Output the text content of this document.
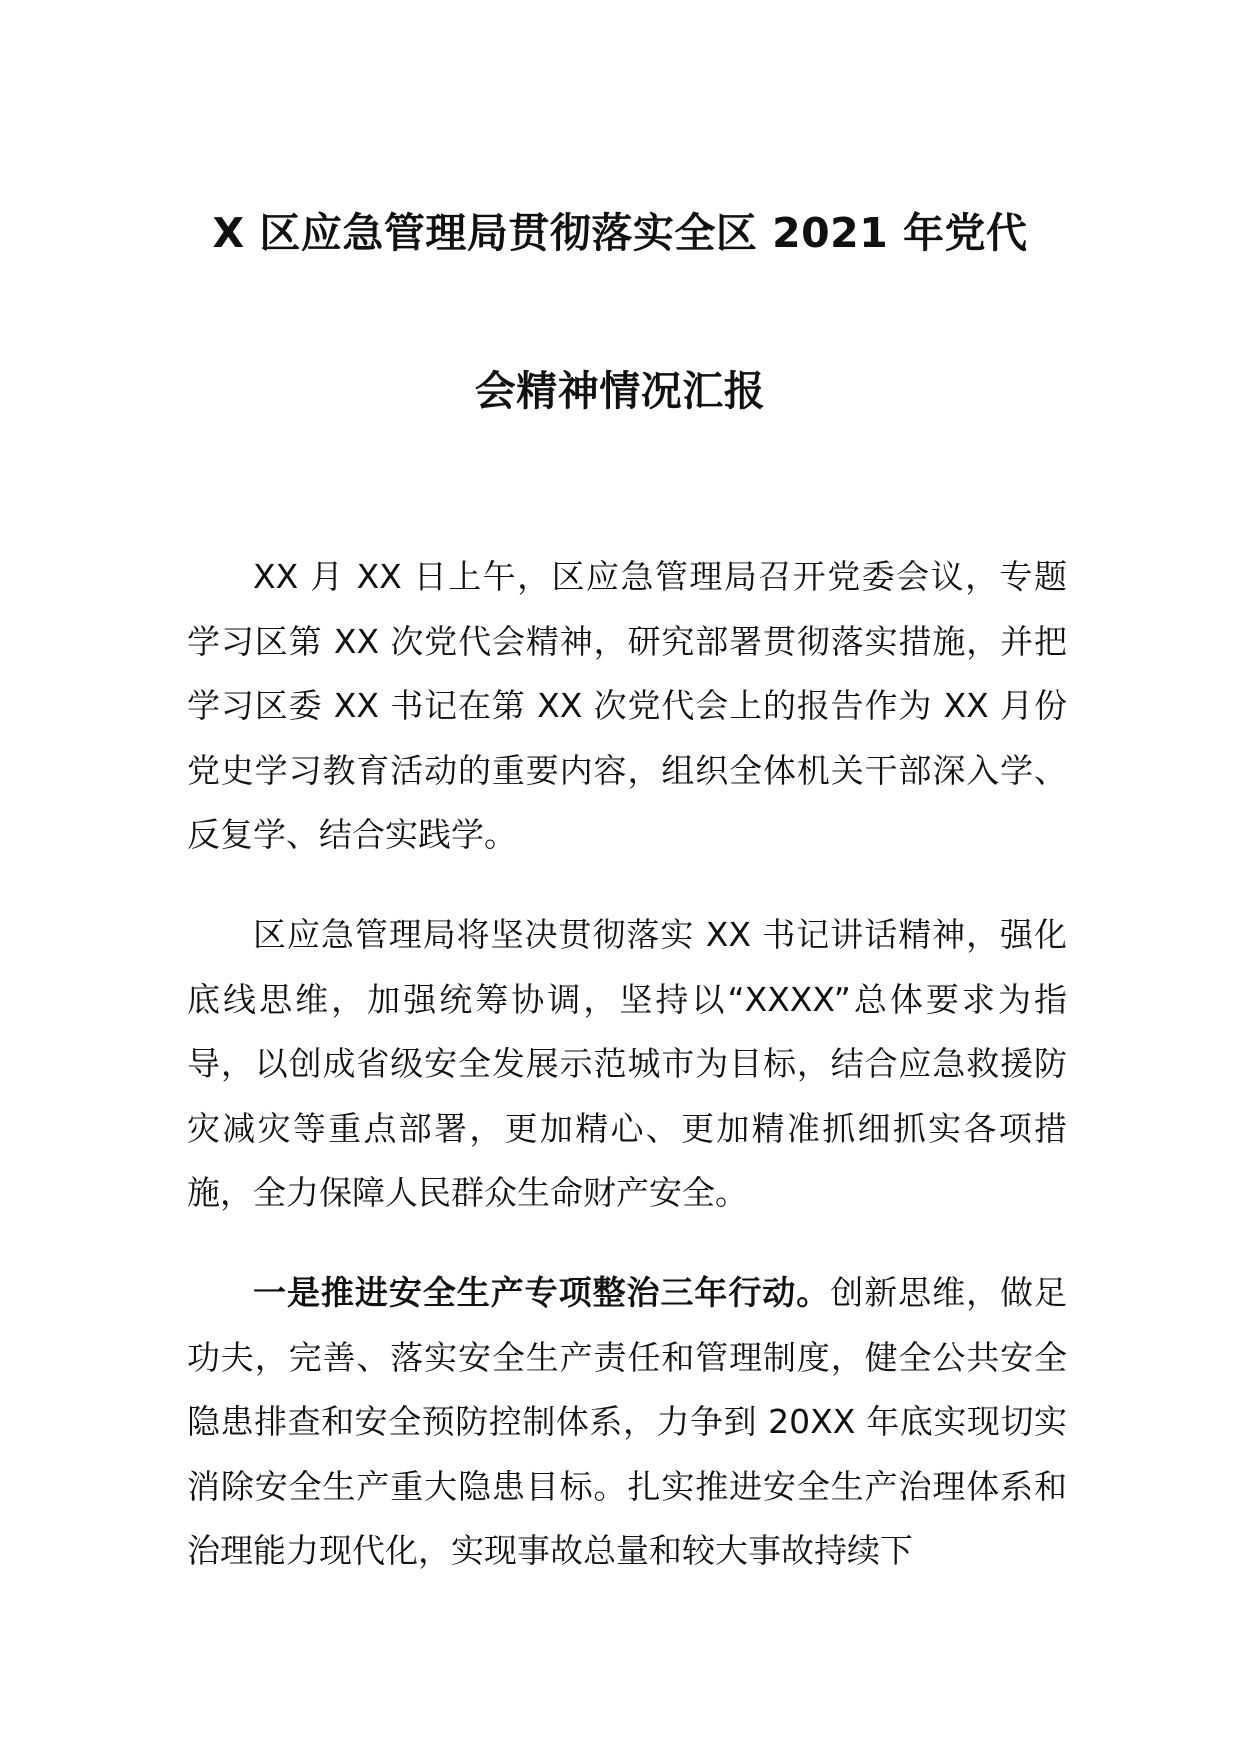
X 区应急管理局贯彻落实全区 2021 年党代
会精神情况汇报

XX 月 XX 日上午，区应急管理局召开党委会议，专题学习区第 XX 次党代会精神，研究部署贯彻落实措施，并把学习区委 XX 书记在第 XX 次党代会上的报告作为 XX 月份党史学习教育活动的重要内容，组织全体机关干部深入学、反复学、结合实践学。

区应急管理局将坚决贯彻落实 XX 书记讲话精神，强化底线思维，加强统筹协调，坚持以“XXXX”总体要求为指导，以创成省级安全发展示范城市为目标，结合应急救援防灾减灾等重点部署，更加精心、更加精准抓细抓实各项措施，全力保障人民群众生命财产安全。

一是推进安全生产专项整治三年行动。创新思维，做足功夫，完善、落实安全生产责任和管理制度，健全公共安全隐患排查和安全预防控制体系，力争到 20XX 年底实现切实消除安全生产重大隐患目标。扎实推进安全生产治理体系和治理能力现代化，实现事故总量和较大事故持续下
